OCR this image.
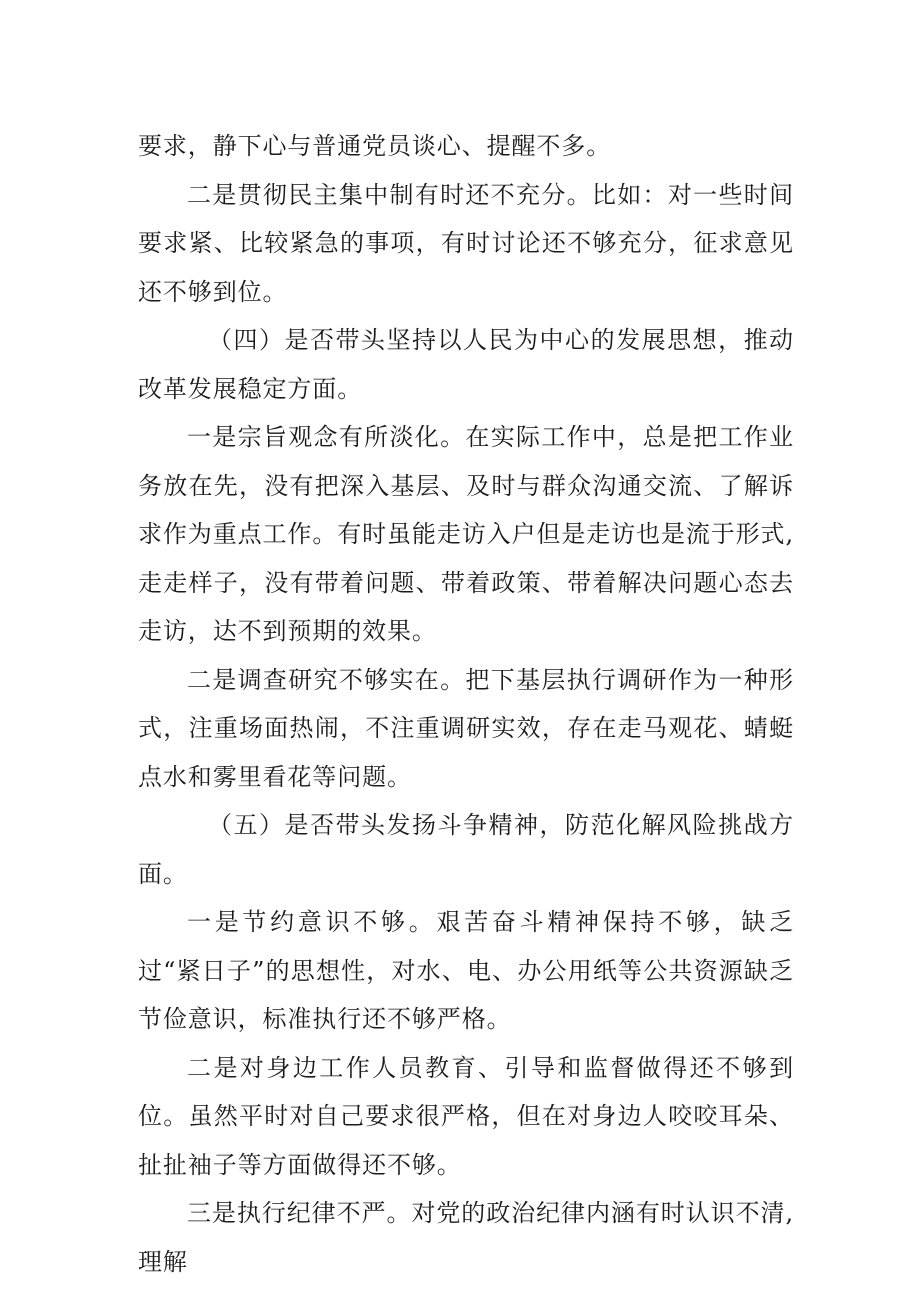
要求，静下心与普通党员谈心、提醒不多。

二是贯彻民主集中制有时还不充分。比如：对一些时间要求紧、比较紧急的事项，有时讨论还不够充分，征求意见还不够到位。

（四）是否带头坚持以人民为中心的发展思想，推动改革发展稳定方面。

一是宗旨观念有所淡化。在实际工作中，总是把工作业务放在先，没有把深入基层、及时与群众沟通交流、了解诉求作为重点工作。有时虽能走访入户但是走访也是流于形式,走走样子，没有带着问题、带着政策、带着解决问题心态去走访，达不到预期的效果。

二是调查研究不够实在。把下基层执行调研作为一种形式，注重场面热闹，不注重调研实效，存在走马观花、蜻蜓点水和雾里看花等问题。

（五）是否带头发扬斗争精神，防范化解风险挑战方面。

一是节约意识不够。艰苦奋斗精神保持不够，缺乏过“紧日子”的思想性，对水、电、办公用纸等公共资源缺乏节俭意识，标准执行还不够严格。

二是对身边工作人员教育、引导和监督做得还不够到位。虽然平时对自己要求很严格，但在对身边人咬咬耳朵、扯扯袖子等方面做得还不够。

三是执行纪律不严。对党的政治纪律内涵有时认识不清,理解
